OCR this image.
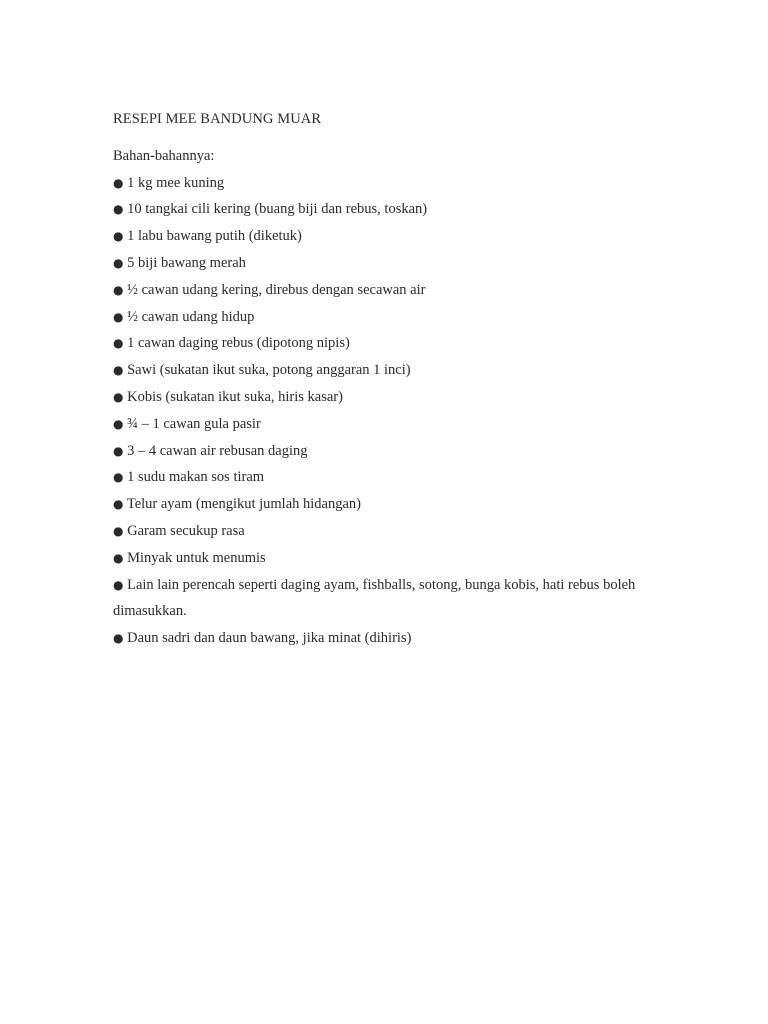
RESEPI MEE BANDUNG MUAR
Bahan-bahannya:
● 1 kg mee kuning
● 10 tangkai cili kering (buang biji dan rebus, toskan)
● 1 labu bawang putih (diketuk)
● 5 biji bawang merah
● ½ cawan udang kering, direbus dengan secawan air
● ½ cawan udang hidup
● 1 cawan daging rebus (dipotong nipis)
● Sawi (sukatan ikut suka, potong anggaran 1 inci)
● Kobis (sukatan ikut suka, hiris kasar)
● ¾ – 1 cawan gula pasir
● 3 – 4 cawan air rebusan daging
● 1 sudu makan sos tiram
● Telur ayam (mengikut jumlah hidangan)
● Garam secukup rasa
● Minyak untuk menumis
● Lain lain perencah seperti daging ayam, fishballs, sotong, bunga kobis, hati rebus boleh dimasukkan.
● Daun sadri dan daun bawang, jika minat (dihiris)
